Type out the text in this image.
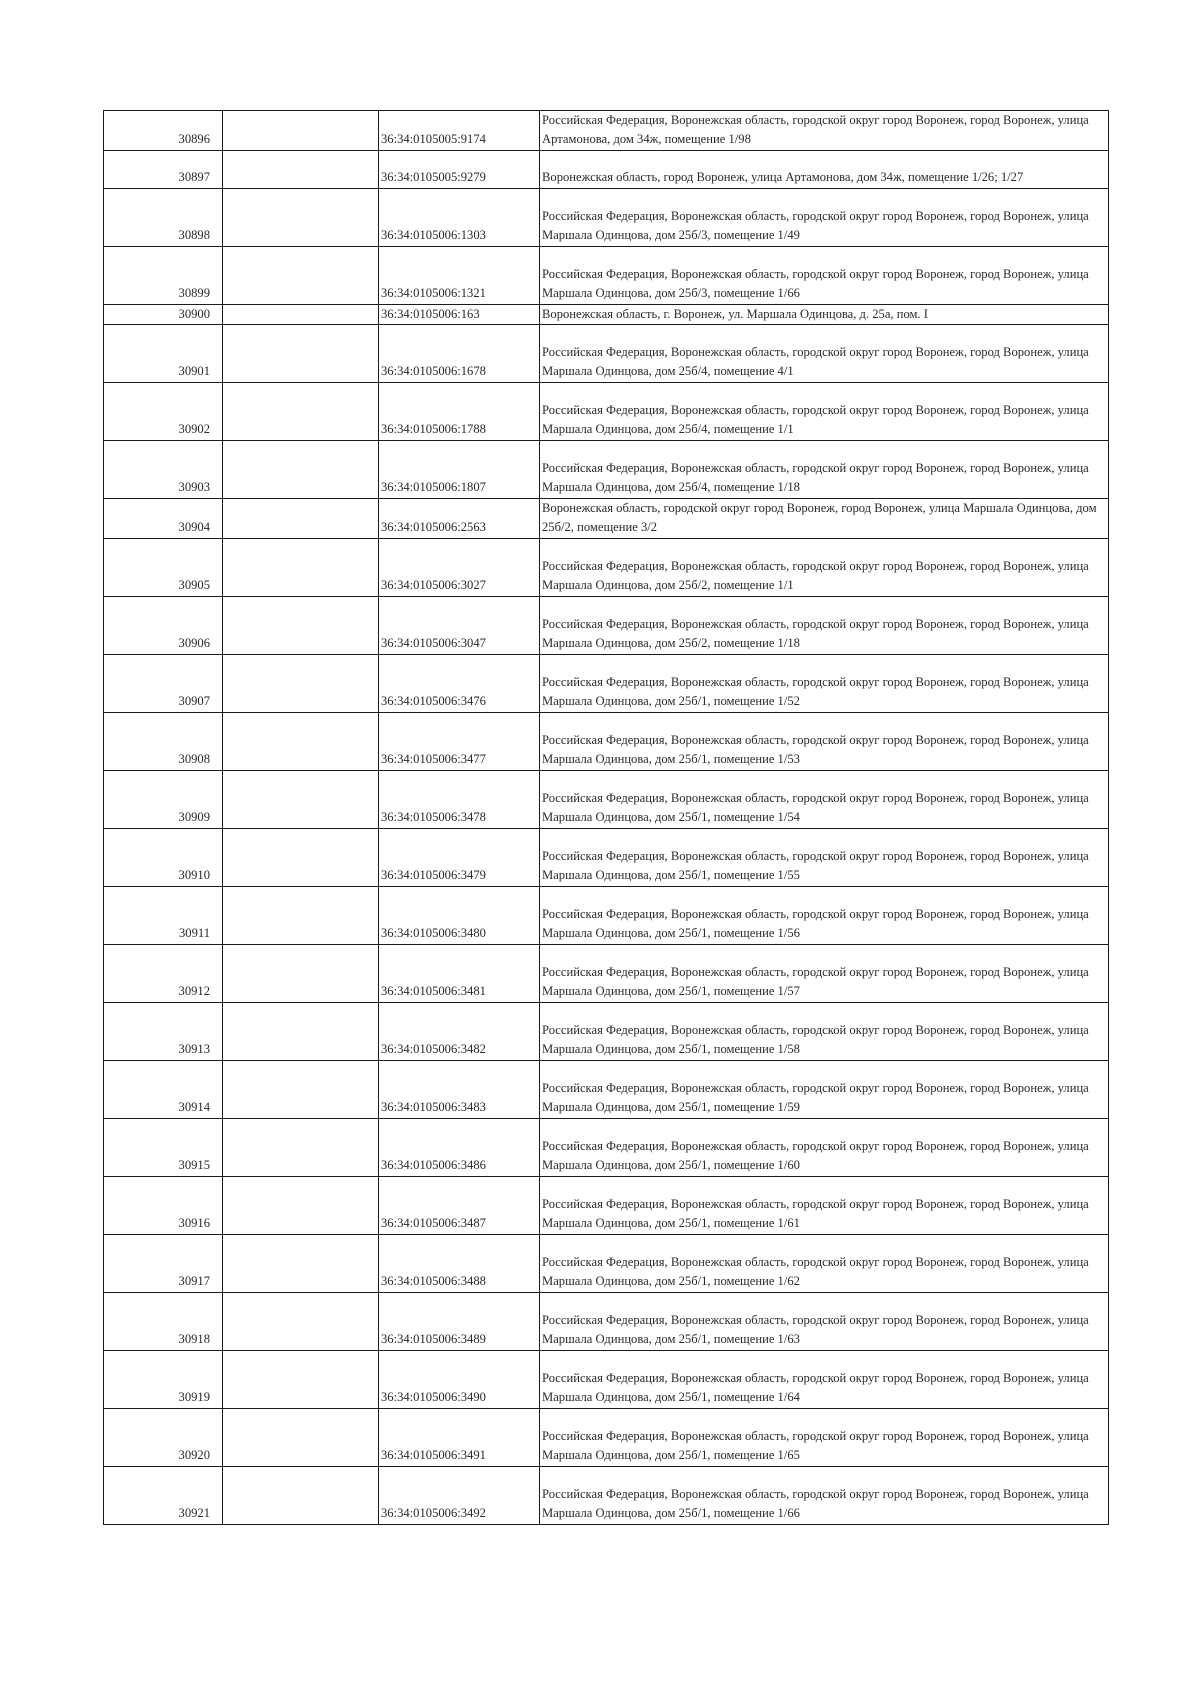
30896		36:34:0105005:9174	Российская Федерация, Воронежская область, городской округ город Воронеж, город Воронеж, улица Артамонова, дом 34ж, помещение 1/98
30897		36:34:0105005:9279	Воронежская область, город Воронеж, улица Артамонова, дом 34ж, помещение 1/26; 1/27
30898		36:34:0105006:1303	Российская Федерация, Воронежская область, городской округ город Воронеж, город Воронеж, улица Маршала Одинцова, дом 25б/3, помещение 1/49
30899		36:34:0105006:1321	Российская Федерация, Воронежская область, городской округ город Воронеж, город Воронеж, улица Маршала Одинцова, дом 25б/3, помещение 1/66
30900		36:34:0105006:163	Воронежская область, г. Воронеж, ул. Маршала Одинцова, д. 25а, пом. I
30901		36:34:0105006:1678	Российская Федерация, Воронежская область, городской округ город Воронеж, город Воронеж, улица Маршала Одинцова, дом 25б/4, помещение 4/1
30902		36:34:0105006:1788	Российская Федерация, Воронежская область, городской округ город Воронеж, город Воронеж, улица Маршала Одинцова, дом 25б/4, помещение 1/1
30903		36:34:0105006:1807	Российская Федерация, Воронежская область, городской округ город Воронеж, город Воронеж, улица Маршала Одинцова, дом 25б/4, помещение 1/18
30904		36:34:0105006:2563	Воронежская область, городской округ город Воронеж, город Воронеж, улица Маршала Одинцова, дом 25б/2, помещение 3/2
30905		36:34:0105006:3027	Российская Федерация, Воронежская область, городской округ город Воронеж, город Воронеж, улица Маршала Одинцова, дом 25б/2, помещение 1/1
30906		36:34:0105006:3047	Российская Федерация, Воронежская область, городской округ город Воронеж, город Воронеж, улица Маршала Одинцова, дом 25б/2, помещение 1/18
30907		36:34:0105006:3476	Российская Федерация, Воронежская область, городской округ город Воронеж, город Воронеж, улица Маршала Одинцова, дом 25б/1, помещение 1/52
30908		36:34:0105006:3477	Российская Федерация, Воронежская область, городской округ город Воронеж, город Воронеж, улица Маршала Одинцова, дом 25б/1, помещение 1/53
30909		36:34:0105006:3478	Российская Федерация, Воронежская область, городской округ город Воронеж, город Воронеж, улица Маршала Одинцова, дом 25б/1, помещение 1/54
30910		36:34:0105006:3479	Российская Федерация, Воронежская область, городской округ город Воронеж, город Воронеж, улица Маршала Одинцова, дом 25б/1, помещение 1/55
30911		36:34:0105006:3480	Российская Федерация, Воронежская область, городской округ город Воронеж, город Воронеж, улица Маршала Одинцова, дом 25б/1, помещение 1/56
30912		36:34:0105006:3481	Российская Федерация, Воронежская область, городской округ город Воронеж, город Воронеж, улица Маршала Одинцова, дом 25б/1, помещение 1/57
30913		36:34:0105006:3482	Российская Федерация, Воронежская область, городской округ город Воронеж, город Воронеж, улица Маршала Одинцова, дом 25б/1, помещение 1/58
30914		36:34:0105006:3483	Российская Федерация, Воронежская область, городской округ город Воронеж, город Воронеж, улица Маршала Одинцова, дом 25б/1, помещение 1/59
30915		36:34:0105006:3486	Российская Федерация, Воронежская область, городской округ город Воронеж, город Воронеж, улица Маршала Одинцова, дом 25б/1, помещение 1/60
30916		36:34:0105006:3487	Российская Федерация, Воронежская область, городской округ город Воронеж, город Воронеж, улица Маршала Одинцова, дом 25б/1, помещение 1/61
30917		36:34:0105006:3488	Российская Федерация, Воронежская область, городской округ город Воронеж, город Воронеж, улица Маршала Одинцова, дом 25б/1, помещение 1/62
30918		36:34:0105006:3489	Российская Федерация, Воронежская область, городской округ город Воронеж, город Воронеж, улица Маршала Одинцова, дом 25б/1, помещение 1/63
30919		36:34:0105006:3490	Российская Федерация, Воронежская область, городской округ город Воронеж, город Воронеж, улица Маршала Одинцова, дом 25б/1, помещение 1/64
30920		36:34:0105006:3491	Российская Федерация, Воронежская область, городской округ город Воронеж, город Воронеж, улица Маршала Одинцова, дом 25б/1, помещение 1/65
30921		36:34:0105006:3492	Российская Федерация, Воронежская область, городской округ город Воронеж, город Воронеж, улица Маршала Одинцова, дом 25б/1, помещение 1/66
